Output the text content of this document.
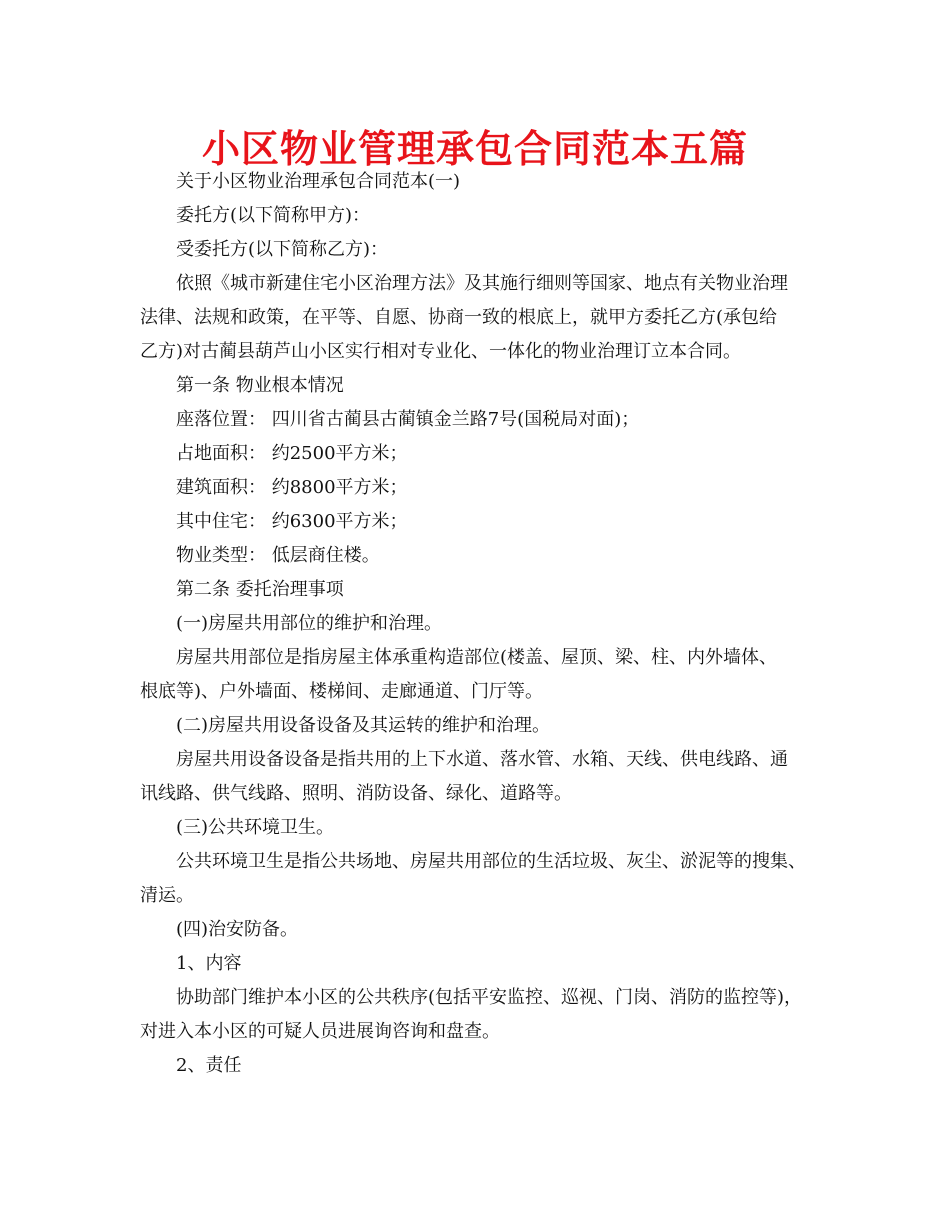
小区物业管理承包合同范本五篇

关于小区物业治理承包合同范本(一)

委托方(以下简称甲方)：

受委托方(以下简称乙方)：

依照《城市新建住宅小区治理方法》及其施行细则等国家、地点有关物业治理

法律、法规和政策，在平等、自愿、协商一致的根底上，就甲方委托乙方(承包给

乙方)对古蔺县葫芦山小区实行相对专业化、一体化的物业治理订立本合同。

第一条 物业根本情况

座落位置： 四川省古蔺县古蔺镇金兰路7号(国税局对面)；

占地面积： 约2500平方米；

建筑面积： 约8800平方米；

其中住宅： 约6300平方米；

物业类型： 低层商住楼。

第二条 委托治理事项

(一)房屋共用部位的维护和治理。

房屋共用部位是指房屋主体承重构造部位(楼盖、屋顶、梁、柱、内外墙体、

根底等)、户外墙面、楼梯间、走廊通道、门厅等。

(二)房屋共用设备设备及其运转的维护和治理。

房屋共用设备设备是指共用的上下水道、落水管、水箱、天线、供电线路、通

讯线路、供气线路、照明、消防设备、绿化、道路等。

(三)公共环境卫生。

公共环境卫生是指公共场地、房屋共用部位的生活垃圾、灰尘、淤泥等的搜集、

清运。

(四)治安防备。

1、内容

协助部门维护本小区的公共秩序(包括平安监控、巡视、门岗、消防的监控等)，

对进入本小区的可疑人员进展询咨询和盘查。

2、责任
